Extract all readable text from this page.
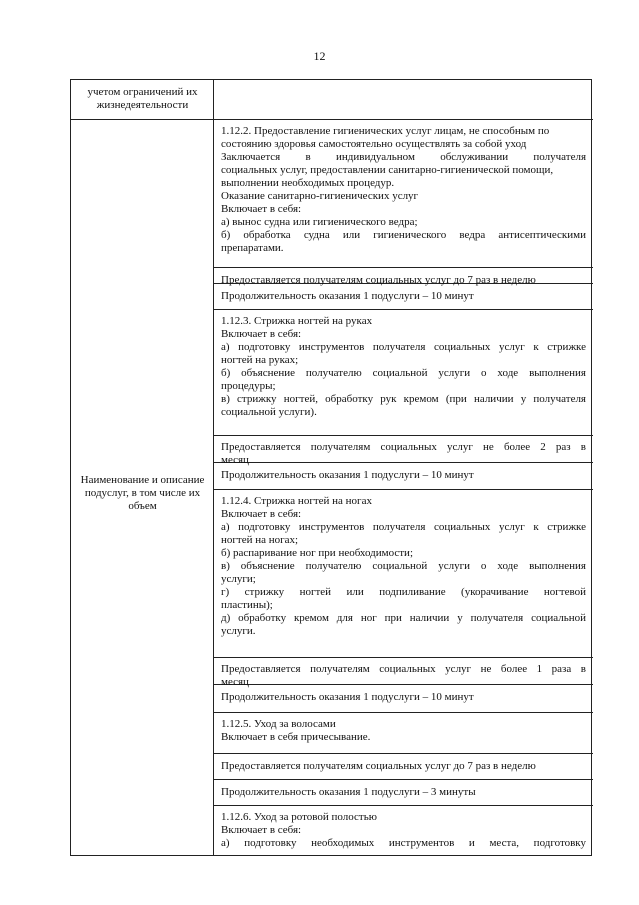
12
учетом ограничений их
жизнедеятельности
Наименование и описание
подуслуг, в том числе их
объем
1.12.2. Предоставление гигиенических услуг лицам, не способным по
состоянию здоровья самостоятельно осуществлять за собой уход
Заключается в индивидуальном обслуживании получателя
социальных услуг, предоставлении санитарно-гигиенической помощи,
выполнении необходимых процедур.
Оказание санитарно-гигиенических услуг
Включает в себя:
а) вынос судна или гигиенического ведра;
б) обработка судна или гигиенического ведра антисептическими
препаратами.
Предоставляется получателям социальных услуг до 7 раз в неделю
Продолжительность оказания 1 подуслуги – 10 минут
1.12.3. Стрижка ногтей на руках
Включает в себя:
а) подготовку инструментов получателя социальных услуг к стрижке
ногтей на руках;
б) объяснение получателю социальной услуги о ходе выполнения
процедуры;
в) стрижку ногтей, обработку рук кремом (при наличии у получателя
социальной услуги).
Предоставляется получателям социальных услуг не более 2 раз в
месяц
Продолжительность оказания 1 подуслуги – 10 минут
1.12.4. Стрижка ногтей на ногах
Включает в себя:
а) подготовку инструментов получателя социальных услуг к стрижке
ногтей на ногах;
б) распаривание ног при необходимости;
в) объяснение получателю социальной услуги о ходе выполнения
услуги;
г) стрижку ногтей или подпиливание (укорачивание ногтевой
пластины);
д) обработку кремом для ног при наличии у получателя социальной
услуги.
Предоставляется получателям социальных услуг не более 1 раза в
месяц
Продолжительность оказания 1 подуслуги – 10 минут
1.12.5. Уход за волосами
Включает в себя причесывание.
Предоставляется получателям социальных услуг до 7 раз в неделю
Продолжительность оказания 1 подуслуги – 3 минуты
1.12.6. Уход за ротовой полостью
Включает в себя:
а) подготовку необходимых инструментов и места, подготовку
